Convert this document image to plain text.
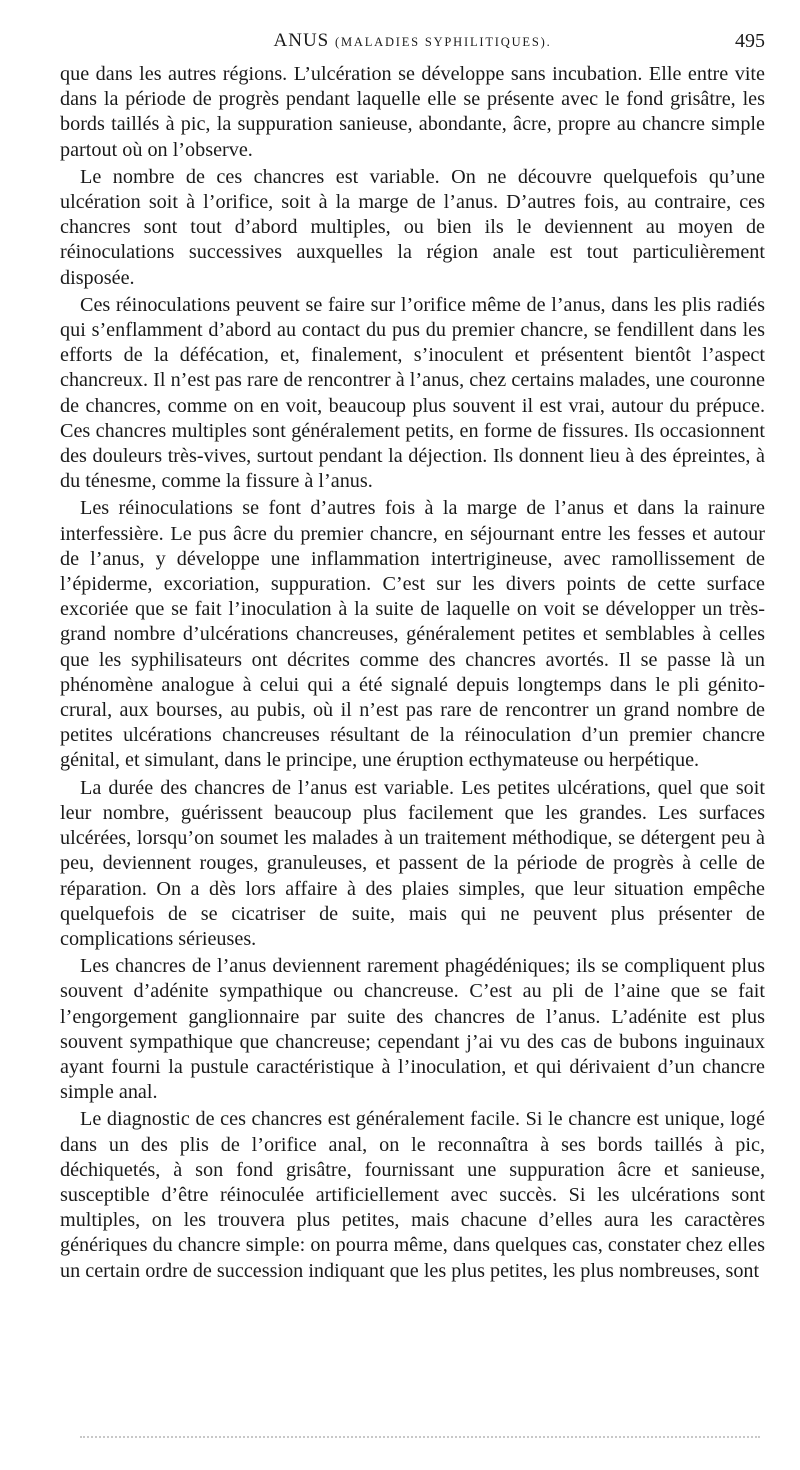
ANUS (MALADIES SYPHILITIQUES).	495

que dans les autres régions. L’ulcération se développe sans incubation. Elle entre vite dans la période de progrès pendant laquelle elle se présente avec le fond grisâtre, les bords taillés à pic, la suppuration sanieuse, abondante, âcre, propre au chancre simple partout où on l’observe.

Le nombre de ces chancres est variable. On ne découvre quelquefois qu’une ulcération soit à l’orifice, soit à la marge de l’anus. D’autres fois, au contraire, ces chancres sont tout d’abord multiples, ou bien ils le deviennent au moyen de réinoculations successives auxquelles la région anale est tout particulièrement disposée.

Ces réinoculations peuvent se faire sur l’orifice même de l’anus, dans les plis radiés qui s’enflamment d’abord au contact du pus du premier chancre, se fendillent dans les efforts de la défécation, et, finalement, s’inoculent et présentent bientôt l’aspect chancreux. Il n’est pas rare de rencontrer à l’anus, chez certains malades, une couronne de chancres, comme on en voit, beaucoup plus souvent il est vrai, autour du prépuce. Ces chancres multiples sont généralement petits, en forme de fissures. Ils occasionnent des douleurs très-vives, surtout pendant la déjection. Ils donnent lieu à des épreintes, à du ténesme, comme la fissure à l’anus.

Les réinoculations se font d’autres fois à la marge de l’anus et dans la rainure interfessière. Le pus âcre du premier chancre, en séjournant entre les fesses et autour de l’anus, y développe une inflammation intertrigineuse, avec ramollissement de l’épiderme, excoriation, suppuration. C’est sur les divers points de cette surface excoriée que se fait l’inoculation à la suite de laquelle on voit se développer un très-grand nombre d’ulcérations chancreuses, généralement petites et semblables à celles que les syphilisateurs ont décrites comme des chancres avortés. Il se passe là un phénomène analogue à celui qui a été signalé depuis longtemps dans le pli génito-crural, aux bourses, au pubis, où il n’est pas rare de rencontrer un grand nombre de petites ulcérations chancreuses résultant de la réinoculation d’un premier chancre génital, et simulant, dans le principe, une éruption ecthymateuse ou herpétique.

La durée des chancres de l’anus est variable. Les petites ulcérations, quel que soit leur nombre, guérissent beaucoup plus facilement que les grandes. Les surfaces ulcérées, lorsqu’on soumet les malades à un traitement méthodique, se détergent peu à peu, deviennent rouges, granuleuses, et passent de la période de progrès à celle de réparation. On a dès lors affaire à des plaies simples, que leur situation empêche quelquefois de se cicatriser de suite, mais qui ne peuvent plus présenter de complications sérieuses.

Les chancres de l’anus deviennent rarement phagédéniques; ils se compliquent plus souvent d’adénite sympathique ou chancreuse. C’est au pli de l’aine que se fait l’engorgement ganglionnaire par suite des chancres de l’anus. L’adénite est plus souvent sympathique que chancreuse; cependant j’ai vu des cas de bubons inguinaux ayant fourni la pustule caractéristique à l’inoculation, et qui dérivaient d’un chancre simple anal.

Le diagnostic de ces chancres est généralement facile. Si le chancre est unique, logé dans un des plis de l’orifice anal, on le reconnaîtra à ses bords taillés à pic, déchiquetés, à son fond grisâtre, fournissant une suppuration âcre et sanieuse, susceptible d’être réinoculée artificiellement avec succès. Si les ulcérations sont multiples, on les trouvera plus petites, mais chacune d’elles aura les caractères génériques du chancre simple: on pourra même, dans quelques cas, constater chez elles un certain ordre de succession indiquant que les plus petites, les plus nombreuses, sont
